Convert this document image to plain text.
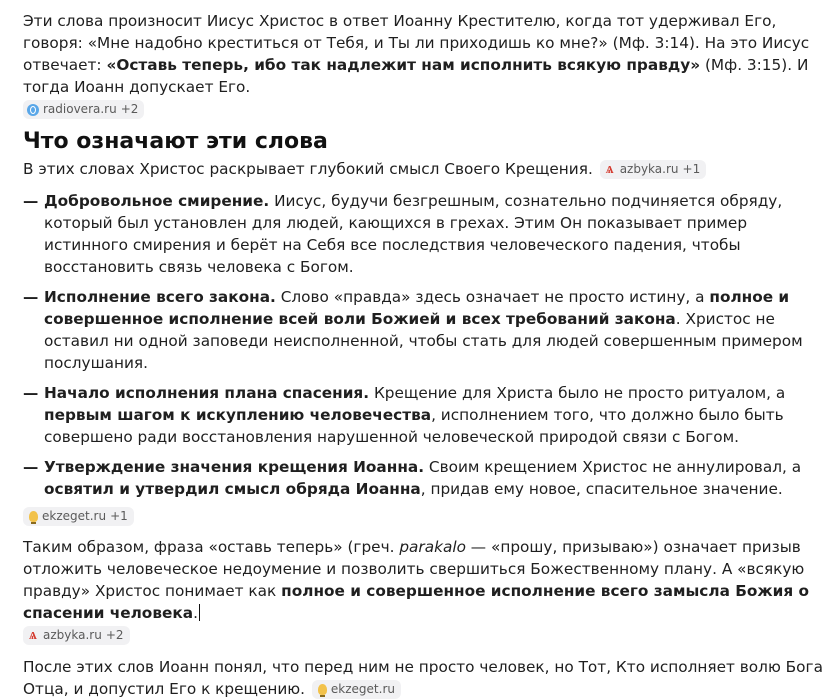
Эти слова произносит Иисус Христос в ответ Иоанну Крестителю, когда тот удерживал Его, говоря: «Мне надобно креститься от Тебя, и Ты ли приходишь ко мне?» (Мф. 3:14). На это Иисус отвечает: «Оставь теперь, ибо так надлежит нам исполнить всякую правду» (Мф. 3:15). И тогда Иоанн допускает Его.

radiovera.ru +2
Что означают эти слова

В этих словах Христос раскрывает глубокий смысл Своего Крещения. Ѧ azbyka.ru +1

— Добровольное смирение. Иисус, будучи безгрешным, сознательно подчиняется обряду, который был установлен для людей, кающихся в грехах. Этим Он показывает пример истинного смирения и берёт на Себя все последствия человеческого падения, чтобы восстановить связь человека с Богом.
— Исполнение всего закона. Слово «правда» здесь означает не просто истину, а полное и совершенное исполнение всей воли Божией и всех требований закона. Христос не оставил ни одной заповеди неисполненной, чтобы стать для людей совершенным примером послушания.
— Начало исполнения плана спасения. Крещение для Христа было не просто ритуалом, а первым шагом к искуплению человечества, исполнением того, что должно было быть совершено ради восстановления нарушенной человеческой природой связи с Богом.
— Утверждение значения крещения Иоанна. Своим крещением Христос не аннулировал, а освятил и утвердил смысл обряда Иоанна, придав ему новое, спасительное значение.
ekzeget.ru +1

Таким образом, фраза «оставь теперь» (греч. parakalo — «прошу, призываю») означает призыв отложить человеческое недоумение и позволить свершиться Божественному плану. А «всякую правду» Христос понимает как полное и совершенное исполнение всего замысла Божия о спасении человека.

Ѧ azbyka.ru +2

После этих слов Иоанн понял, что перед ним не просто человек, но Тот, Кто исполняет волю Бога Отца, и допустил Его к крещению. ekzeget.ru
